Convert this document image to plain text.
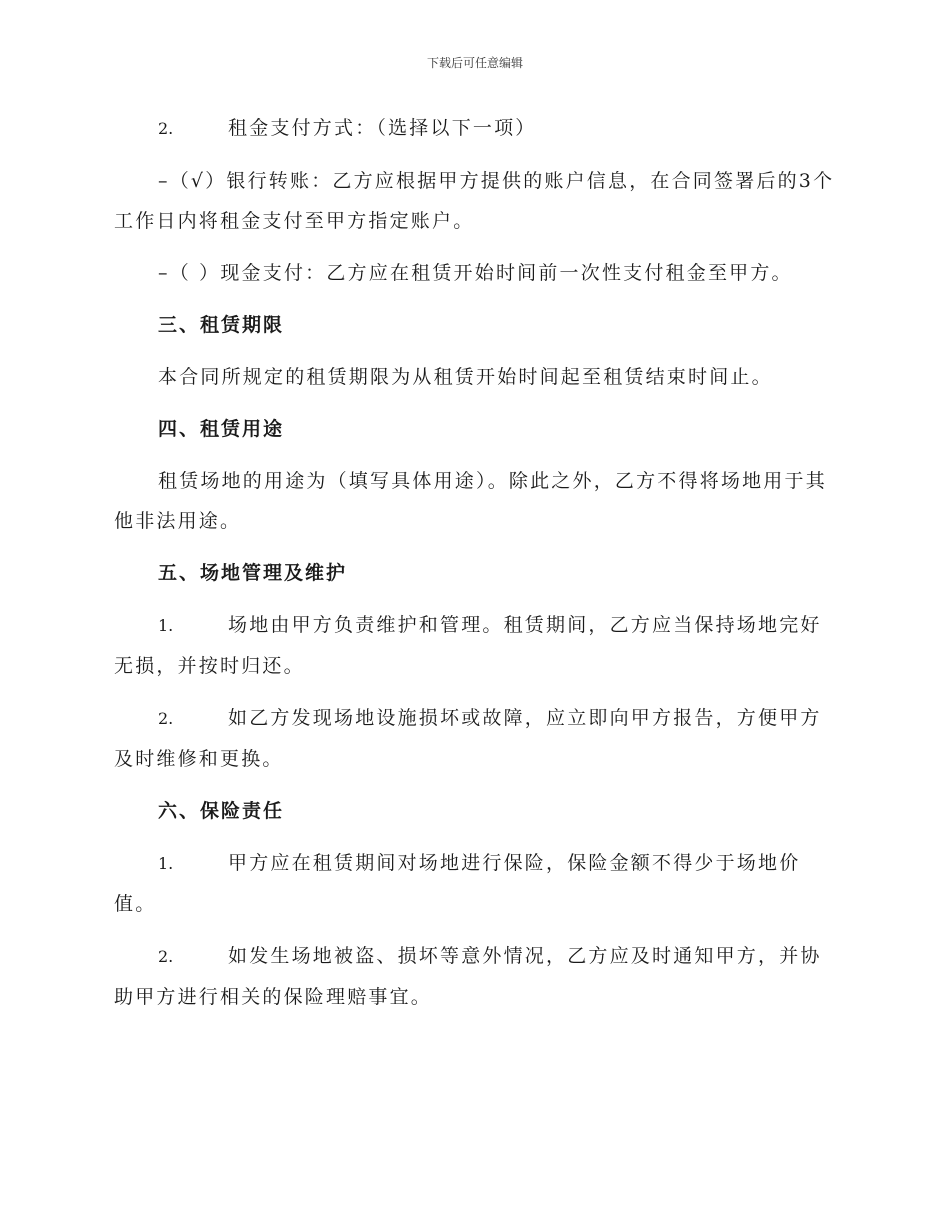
下载后可任意编辑

2.	租金支付方式：（选择以下一项）

–（√）银行转账：乙方应根据甲方提供的账户信息，在合同签署后的3个工作日内将租金支付至甲方指定账户。

–（ ）现金支付：乙方应在租赁开始时间前一次性支付租金至甲方。

三、租赁期限

本合同所规定的租赁期限为从租赁开始时间起至租赁结束时间止。

四、租赁用途

租赁场地的用途为（填写具体用途）。除此之外，乙方不得将场地用于其他非法用途。

五、场地管理及维护

1.	场地由甲方负责维护和管理。租赁期间，乙方应当保持场地完好无损，并按时归还。

2.	如乙方发现场地设施损坏或故障，应立即向甲方报告，方便甲方及时维修和更换。

六、保险责任

1.	甲方应在租赁期间对场地进行保险，保险金额不得少于场地价值。

2.	如发生场地被盗、损坏等意外情况，乙方应及时通知甲方，并协助甲方进行相关的保险理赔事宜。
